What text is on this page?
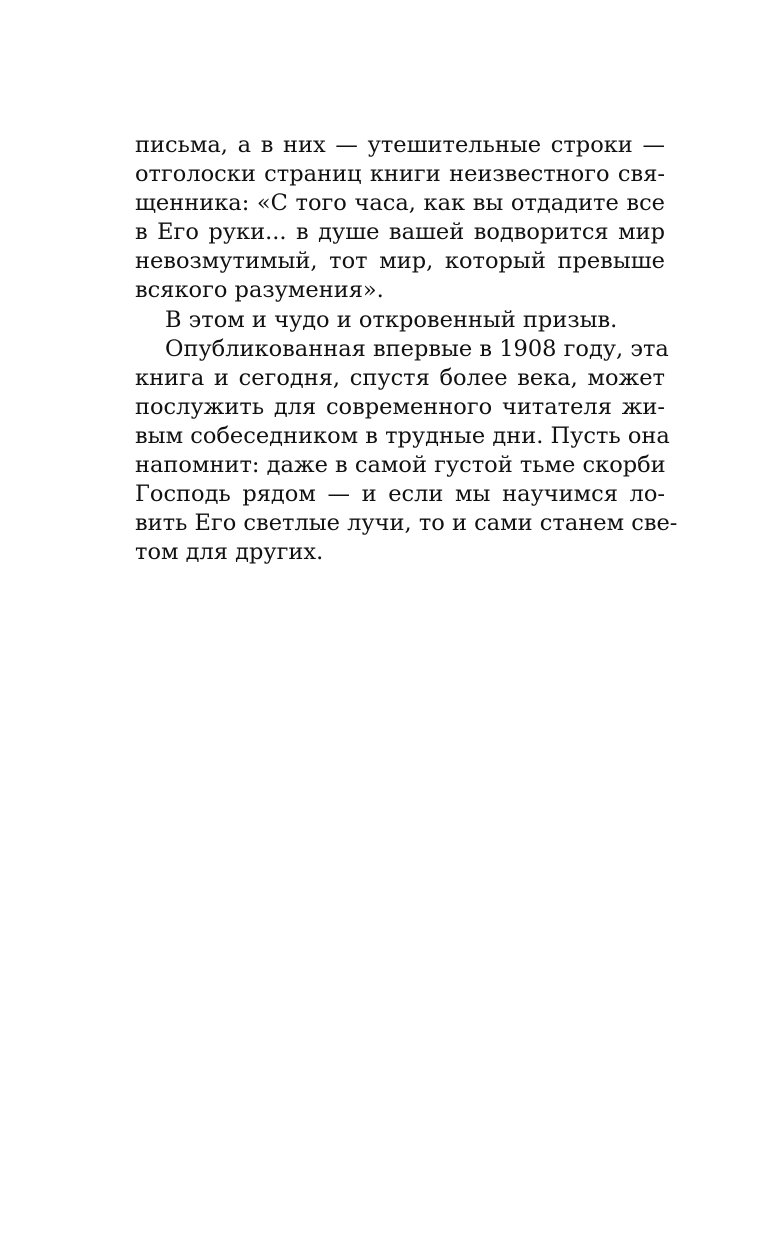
письма, а в них — утешительные строки —
отголоски страниц книги неизвестного свя-
щенника: «С того часа, как вы отдадите все
в Его руки... в душе вашей водворится мир
невозмутимый, тот мир, который превыше
всякого разумения».
В этом и чудо и откровенный призыв.
Опубликованная впервые в 1908 году, эта
книга и сегодня, спустя более века, может
послужить для современного читателя жи-
вым собеседником в трудные дни. Пусть она
напомнит: даже в самой густой тьме скорби
Господь рядом — и если мы научимся ло-
вить Его светлые лучи, то и сами станем све-
том для других.
